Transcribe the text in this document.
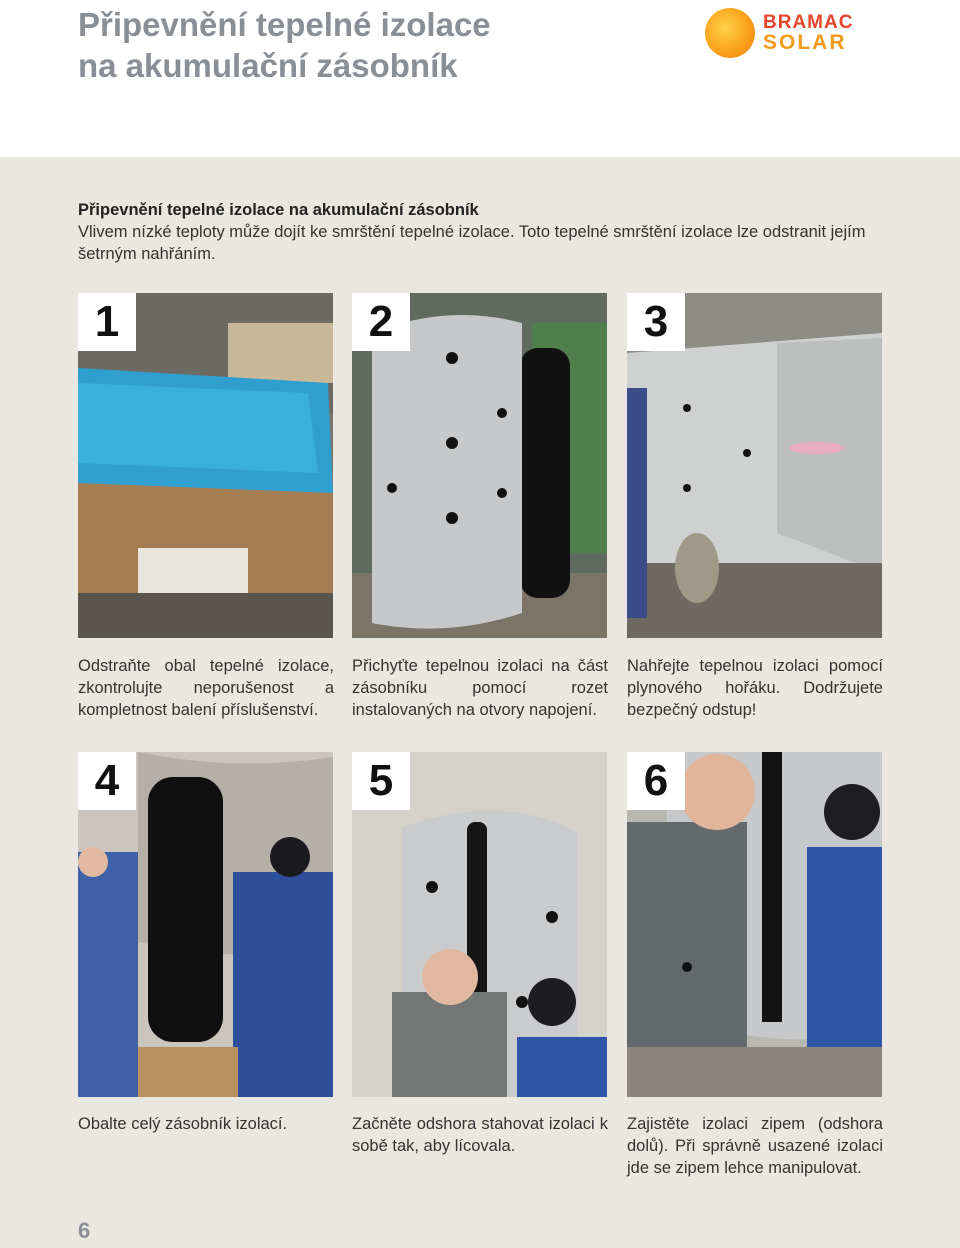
Připevnění tepelné izolace
na akumulační zásobník
BRAMAC
SOLAR
Připevnění tepelné izolace na akumulační zásobník
Vlivem nízké teploty může dojít ke smrštění tepelné izolace. Toto tepelné smrštění izolace lze odstranit jejím šetrným nahřáním.
1
Odstraňte obal tepelné izolace, zkontrolujte neporušenost a kompletnost balení příslušenství.
2
Přichyťte tepelnou izolaci na část zásobníku pomocí rozet instalovaných na otvory napojení.
3
Nahřejte tepelnou izolaci pomocí plynového hořáku. Dodržujete bezpečný odstup!
4
Obalte celý zásobník izolací.
5
Začněte odshora stahovat izolaci k sobě tak, aby lícovala.
6
Zajistěte izolaci zipem (odshora dolů). Při správně usazené izolaci jde se zipem lehce manipulovat.
6
